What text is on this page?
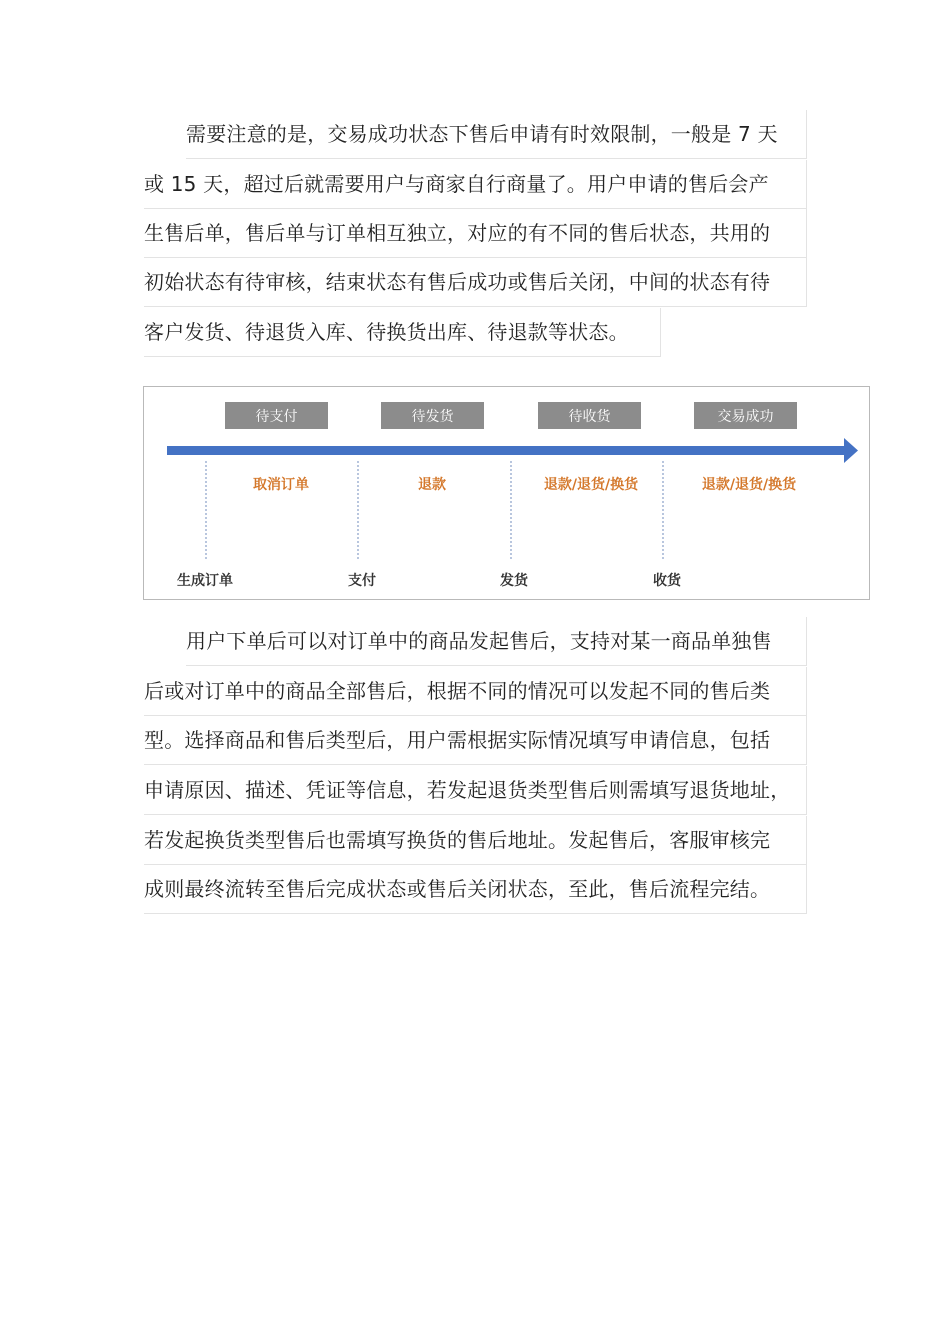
需要注意的是，交易成功状态下售后申请有时效限制，一般是 7 天
或 15 天，超过后就需要用户与商家自行商量了。用户申请的售后会产
生售后单，售后单与订单相互独立，对应的有不同的售后状态，共用的
初始状态有待审核，结束状态有售后成功或售后关闭，中间的状态有待
客户发货、待退货入库、待换货出库、待退款等状态。
待支付	待发货	待收货	交易成功
取消订单	退款	退款/退货/换货	退款/退货/换货
生成订单	支付	发货	收货
用户下单后可以对订单中的商品发起售后，支持对某一商品单独售
后或对订单中的商品全部售后，根据不同的情况可以发起不同的售后类
型。选择商品和售后类型后，用户需根据实际情况填写申请信息，包括
申请原因、描述、凭证等信息，若发起退货类型售后则需填写退货地址，
若发起换货类型售后也需填写换货的售后地址。发起售后，客服审核完
成则最终流转至售后完成状态或售后关闭状态，至此，售后流程完结。
